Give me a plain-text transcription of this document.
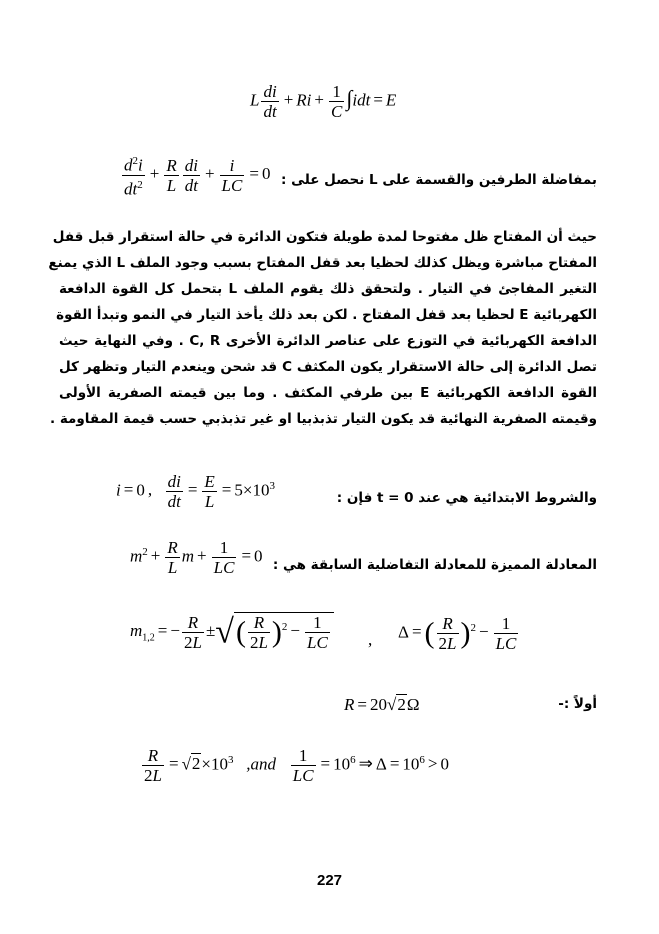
L $\frac{di}{dt} + Ri + \frac{1}{C} \int idt = E$
$\frac{d^2i}{dt^2} + \frac{R}{L} \frac{di}{dt} + \frac{i}{LC} = 0$ بمفاضلة الطرفين والقسمة على L نحصل على :
حيث أن المفتاح ظل مفتوحا لمدة طويلة فتكون الدائرة في حالة استقرار قبل قفل
المفتاح مباشرة ويظل كذلك لحظيا بعد قفل المفتاح بسبب وجود الملف L الذي يمنع
التغير المفاجئ في التيار . ولتحقق ذلك يقوم الملف L بتحمل كل القوة الدافعة
الكهربائية E لحظيا بعد قفل المفتاح . لكن بعد ذلك يأخذ التيار في النمو وتبدأ القوة
الدافعة الكهربائية في التوزع على عناصر الدائرة الأخرى C, R . وفي النهاية حيث
تصل الدائرة إلى حالة الاستقرار يكون المكثف C قد شحن وينعدم التيار وتظهر كل
القوة الدافعة الكهربائية E بين طرفي المكثف . وما بين قيمته الصفرية الأولى
وقيمته الصفرية النهائية قد يكون التيار تذبذبيا او غير تذبذبي حسب قيمة المقاومة .
i = 0 , $\frac{di}{dt} = \frac{E}{L} = 5\times 10^3$
والشروط الابتدائية هي عند t = 0 فإن :
$m^2 + \frac{R}{L}$ $m + \frac{1}{LC} = 0$ المعادلة المميزة للمعادلة التفاضلية السابقة هي :
$m_{1,2}$ = − $\frac{R}{2L}$ ±√( $\frac{R}{2L} )^2 - \frac{1}{LC}$ , Δ = ( $\frac{R}{2L} )^2 - \frac{1}{LC}$
R = 20√2Ω	أولاً :-
$\frac{R}{2L} = √2\times 10^3$ $,and \frac{1}{LC} = 10^6$ ⇒ $\Delta = 10^6 > 0$
227
